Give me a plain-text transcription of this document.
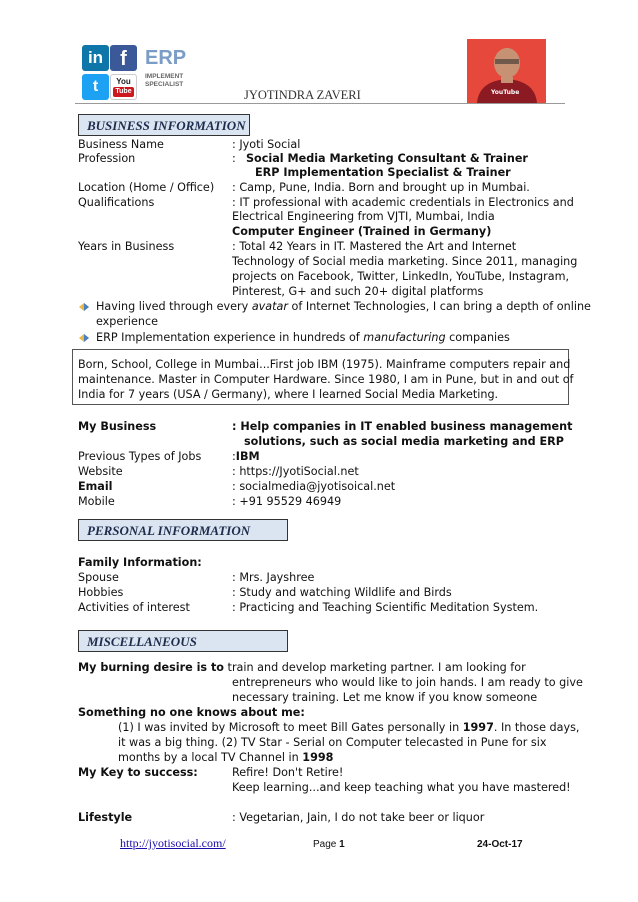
in f
t	You
Tube
ERP
IMPLEMENT
SPECIALIST
JYOTINDRA ZAVERI	YouTube
BUSINESS INFORMATION
Business Name	: Jyoti Social
Profession	: Social Media Marketing Consultant & Trainer
ERP Implementation Specialist & Trainer
Location (Home / Office) : Camp, Pune, India. Born and brought up in Mumbai.
Qualifications	: IT professional with academic credentials in Electronics and
Electrical Engineering from VJTI, Mumbai, India
Computer Engineer (Trained in Germany)
Years in Business	: Total 42 Years in IT. Mastered the Art and Internet
Technology of Social media marketing. Since 2011, managing
projects on Facebook, Twitter, LinkedIn, YouTube, Instagram,
Pinterest, G+ and such 20+ digital platforms
Having lived through every avatar of Internet Technologies, I can bring a depth of online
experience
ERP Implementation experience in hundreds of manufacturing companies
Born, School, College in Mumbai...First job IBM (1975). Mainframe computers repair and
maintenance. Master in Computer Hardware. Since 1980, I am in Pune, but in and out of
India for 7 years (USA / Germany), where I learned Social Media Marketing.
My Business	: Help companies in IT enabled business management
solutions, such as social media marketing and ERP
Previous Types of Jobs	:IBM
Website	: https://JyotiSocial.net
Email	: socialmedia@jyotisoical.net
Mobile	: +91 95529 46949
PERSONAL INFORMATION
Family Information:
Spouse	: Mrs. Jayshree
Hobbies	: Study and watching Wildlife and Birds
Activities of interest	: Practicing and Teaching Scientific Meditation System.
MISCELLANEOUS
My burning desire is to train and develop marketing partner. I am looking for
entrepreneurs who would like to join hands. I am ready to give
necessary training. Let me know if you know someone
Something no one knows about me:
(1) I was invited by Microsoft to meet Bill Gates personally in 1997. In those days,
it was a big thing. (2) TV Star - Serial on Computer telecasted in Pune for six
months by a local TV Channel in 1998
My Key to success:	Refire! Don't Retire!
Keep learning...and keep teaching what you have mastered!
Lifestyle	: Vegetarian, Jain, I do not take beer or liquor
http://jyotisocial.com/	Page 1	24-Oct-17
